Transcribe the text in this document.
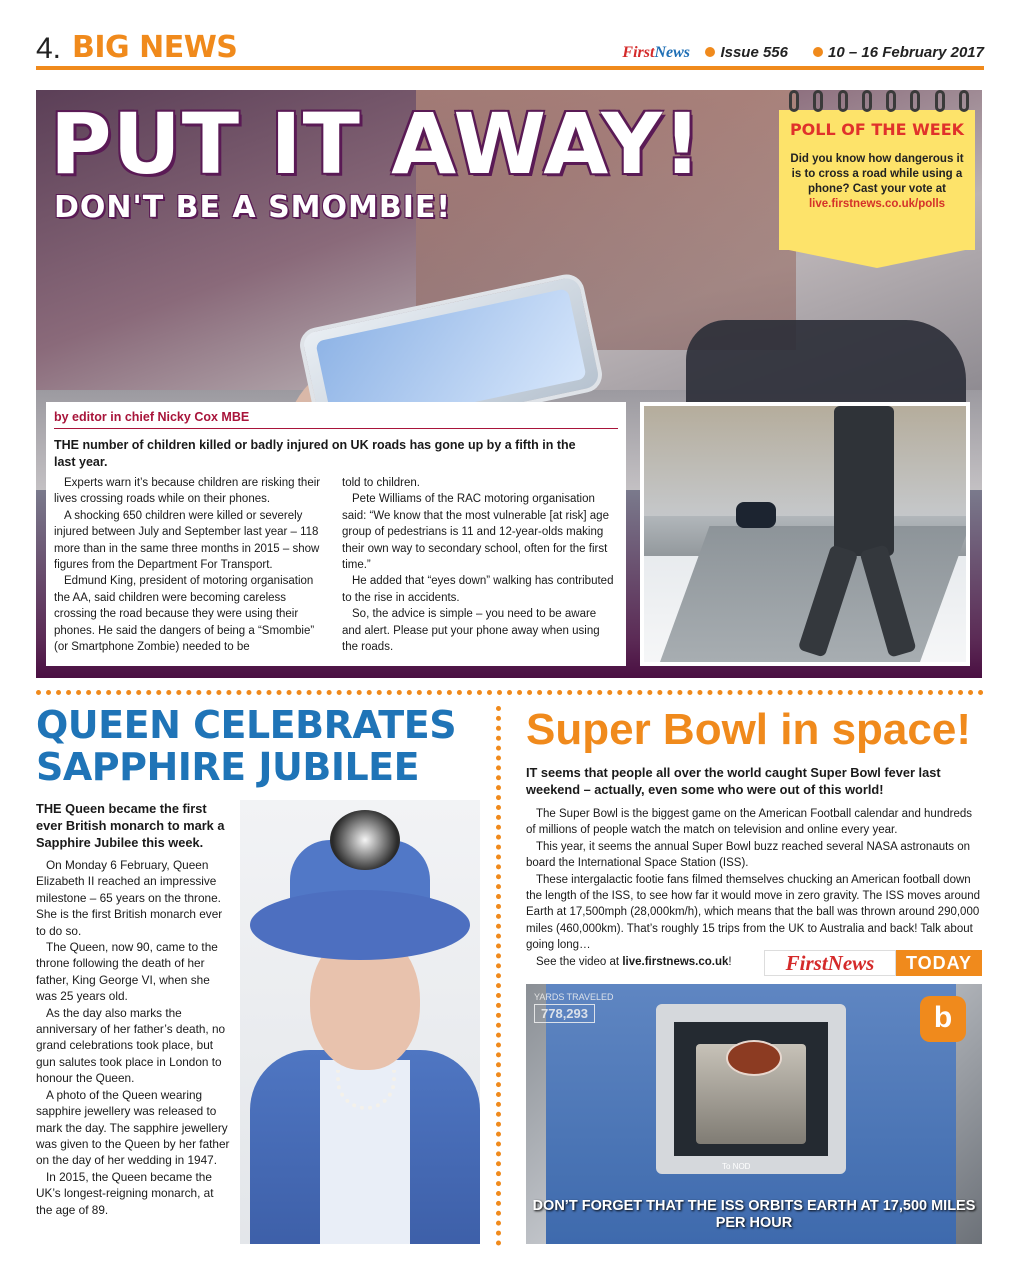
4. BIG NEWS	FirstNews	Issue 556	10 – 16 February 2017
PUT IT AWAY!
DON'T BE A SMOMBIE!
POLL OF THE WEEK
Did you know how dangerous it is to cross a road while using a phone? Cast your vote at live.firstnews.co.uk/polls
by editor in chief Nicky Cox MBE
THE number of children killed or badly injured on UK roads has gone up by a fifth in the last year.

Experts warn it’s because children are risking their lives crossing roads while on their phones.

A shocking 650 children were killed or severely injured between July and September last year – 118 more than in the same three months in 2015 – show figures from the Department For Transport.

Edmund King, president of motoring organisation the AA, said children were becoming careless crossing the road because they were using their phones. He said the dangers of being a “Smombie” (or Smartphone Zombie) needed to be

told to children.

Pete Williams of the RAC motoring organisation said: “We know that the most vulnerable [at risk] age group of pedestrians is 11 and 12-year-olds making their own way to secondary school, often for the first time.”

He added that “eyes down” walking has contributed to the rise in accidents.

So, the advice is simple – you need to be aware and alert. Please put your phone away when using the roads.

QUEEN CELEBRATES
SAPPHIRE JUBILEE

THE Queen became the first ever British monarch to mark a Sapphire Jubilee this week.

On Monday 6 February, Queen Elizabeth II reached an impressive milestone – 65 years on the throne. She is the first British monarch ever to do so.

The Queen, now 90, came to the throne following the death of her father, King George VI, when she was 25 years old.

As the day also marks the anniversary of her father’s death, no grand celebrations took place, but gun salutes took place in London to honour the Queen.

A photo of the Queen wearing sapphire jewellery was released to mark the day. The sapphire jewellery was given to the Queen by her father on the day of her wedding in 1947.

In 2015, the Queen became the UK’s longest-reigning monarch, at the age of 89.

Super Bowl in space!
IT seems that people all over the world caught Super Bowl fever last weekend – actually, even some who were out of this world!

The Super Bowl is the biggest game on the American Football calendar and hundreds of millions of people watch the match on television and online every year.

This year, it seems the annual Super Bowl buzz reached several NASA astronauts on board the International Space Station (ISS).

These intergalactic footie fans filmed themselves chucking an American football down the length of the ISS, to see how far it would move in zero gravity. The ISS moves around Earth at 17,500mph (28,000km/h), which means that the ball was thrown around 290,000 miles (460,000km). That’s roughly 15 trips from the UK to Australia and back! Talk about going long…

See the video at live.firstnews.co.uk!	FirstNews	TODAY
YARDS TRAVELED
778,293
To NOD
b
DON’T FORGET THAT THE ISS ORBITS EARTH AT 17,500 MILES PER HOUR
